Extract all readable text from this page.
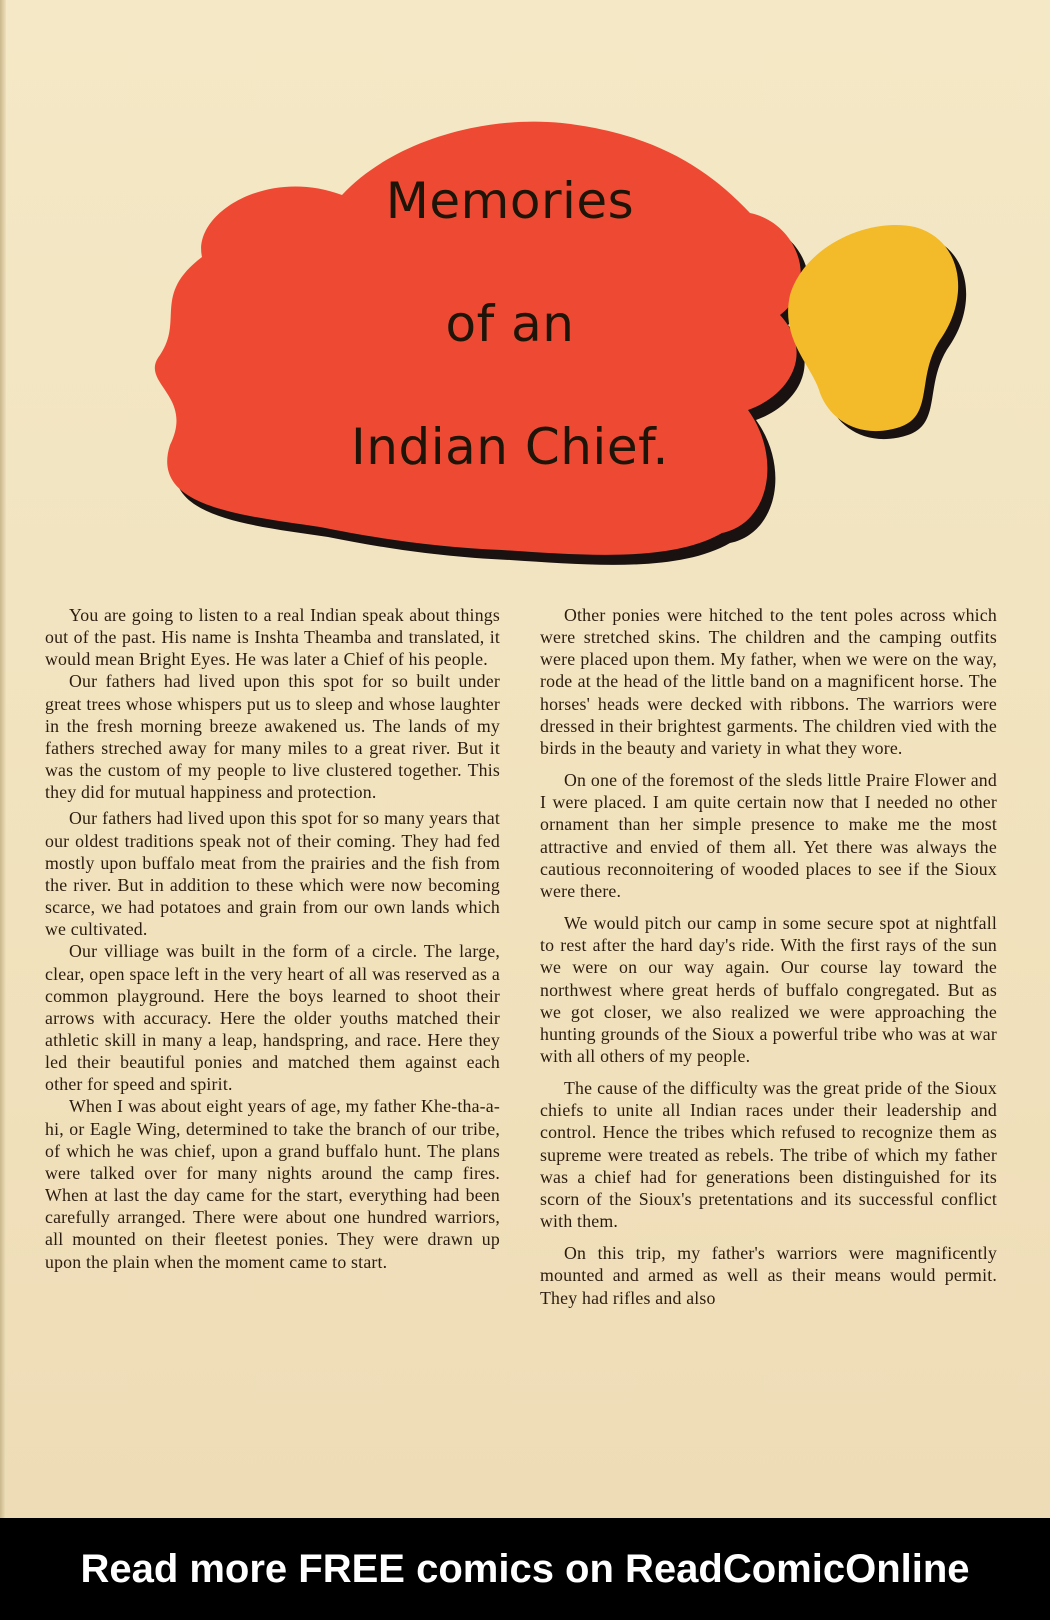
Memories
of an
Indian Chief.

You are going to listen to a real Indian speak about things out of the past. His name is Inshta Theamba and translated, it would mean Bright Eyes. He was later a Chief of his people.

Our fathers had lived upon this spot for so built under great trees whose whispers put us to sleep and whose laughter in the fresh morning breeze awakened us. The lands of my fathers streched away for many miles to a great river. But it was the custom of my people to live clustered together. This they did for mutual happiness and protection.

Our fathers had lived upon this spot for so many years that our oldest traditions speak not of their coming. They had fed mostly upon buffalo meat from the prairies and the fish from the river. But in addition to these which were now becoming scarce, we had potatoes and grain from our own lands which we cultivated.

Our villiage was built in the form of a circle. The large, clear, open space left in the very heart of all was reserved as a common playground. Here the boys learned to shoot their arrows with accuracy. Here the older youths matched their athletic skill in many a leap, handspring, and race. Here they led their beautiful ponies and matched them against each other for speed and spirit.

When I was about eight years of age, my father Khe-tha-a-hi, or Eagle Wing, determined to take the branch of our tribe, of which he was chief, upon a grand buffalo hunt. The plans were talked over for many nights around the camp fires. When at last the day came for the start, everything had been carefully arranged. There were about one hundred warriors, all mounted on their fleetest ponies. They were drawn up upon the plain when the moment came to start.

Other ponies were hitched to the tent poles across which were stretched skins. The children and the camping outfits were placed upon them. My father, when we were on the way, rode at the head of the little band on a magnificent horse. The horses' heads were decked with ribbons. The warriors were dressed in their brightest garments. The children vied with the birds in the beauty and variety in what they wore.

On one of the foremost of the sleds little Praire Flower and I were placed. I am quite certain now that I needed no other ornament than her simple presence to make me the most attractive and envied of them all. Yet there was always the cautious reconnoitering of wooded places to see if the Sioux were there.

We would pitch our camp in some secure spot at nightfall to rest after the hard day's ride. With the first rays of the sun we were on our way again. Our course lay toward the northwest where great herds of buffalo congregated. But as we got closer, we also realized we were approaching the hunting grounds of the Sioux a powerful tribe who was at war with all others of my people.

The cause of the difficulty was the great pride of the Sioux chiefs to unite all Indian races under their leadership and control. Hence the tribes which refused to recognize them as supreme were treated as rebels. The tribe of which my father was a chief had for generations been distinguished for its scorn of the Sioux's pretentations and its successful conflict with them.

On this trip, my father's warriors were magnificently mounted and armed as well as their means would permit. They had rifles and also

Read more FREE comics on ReadComicOnline
